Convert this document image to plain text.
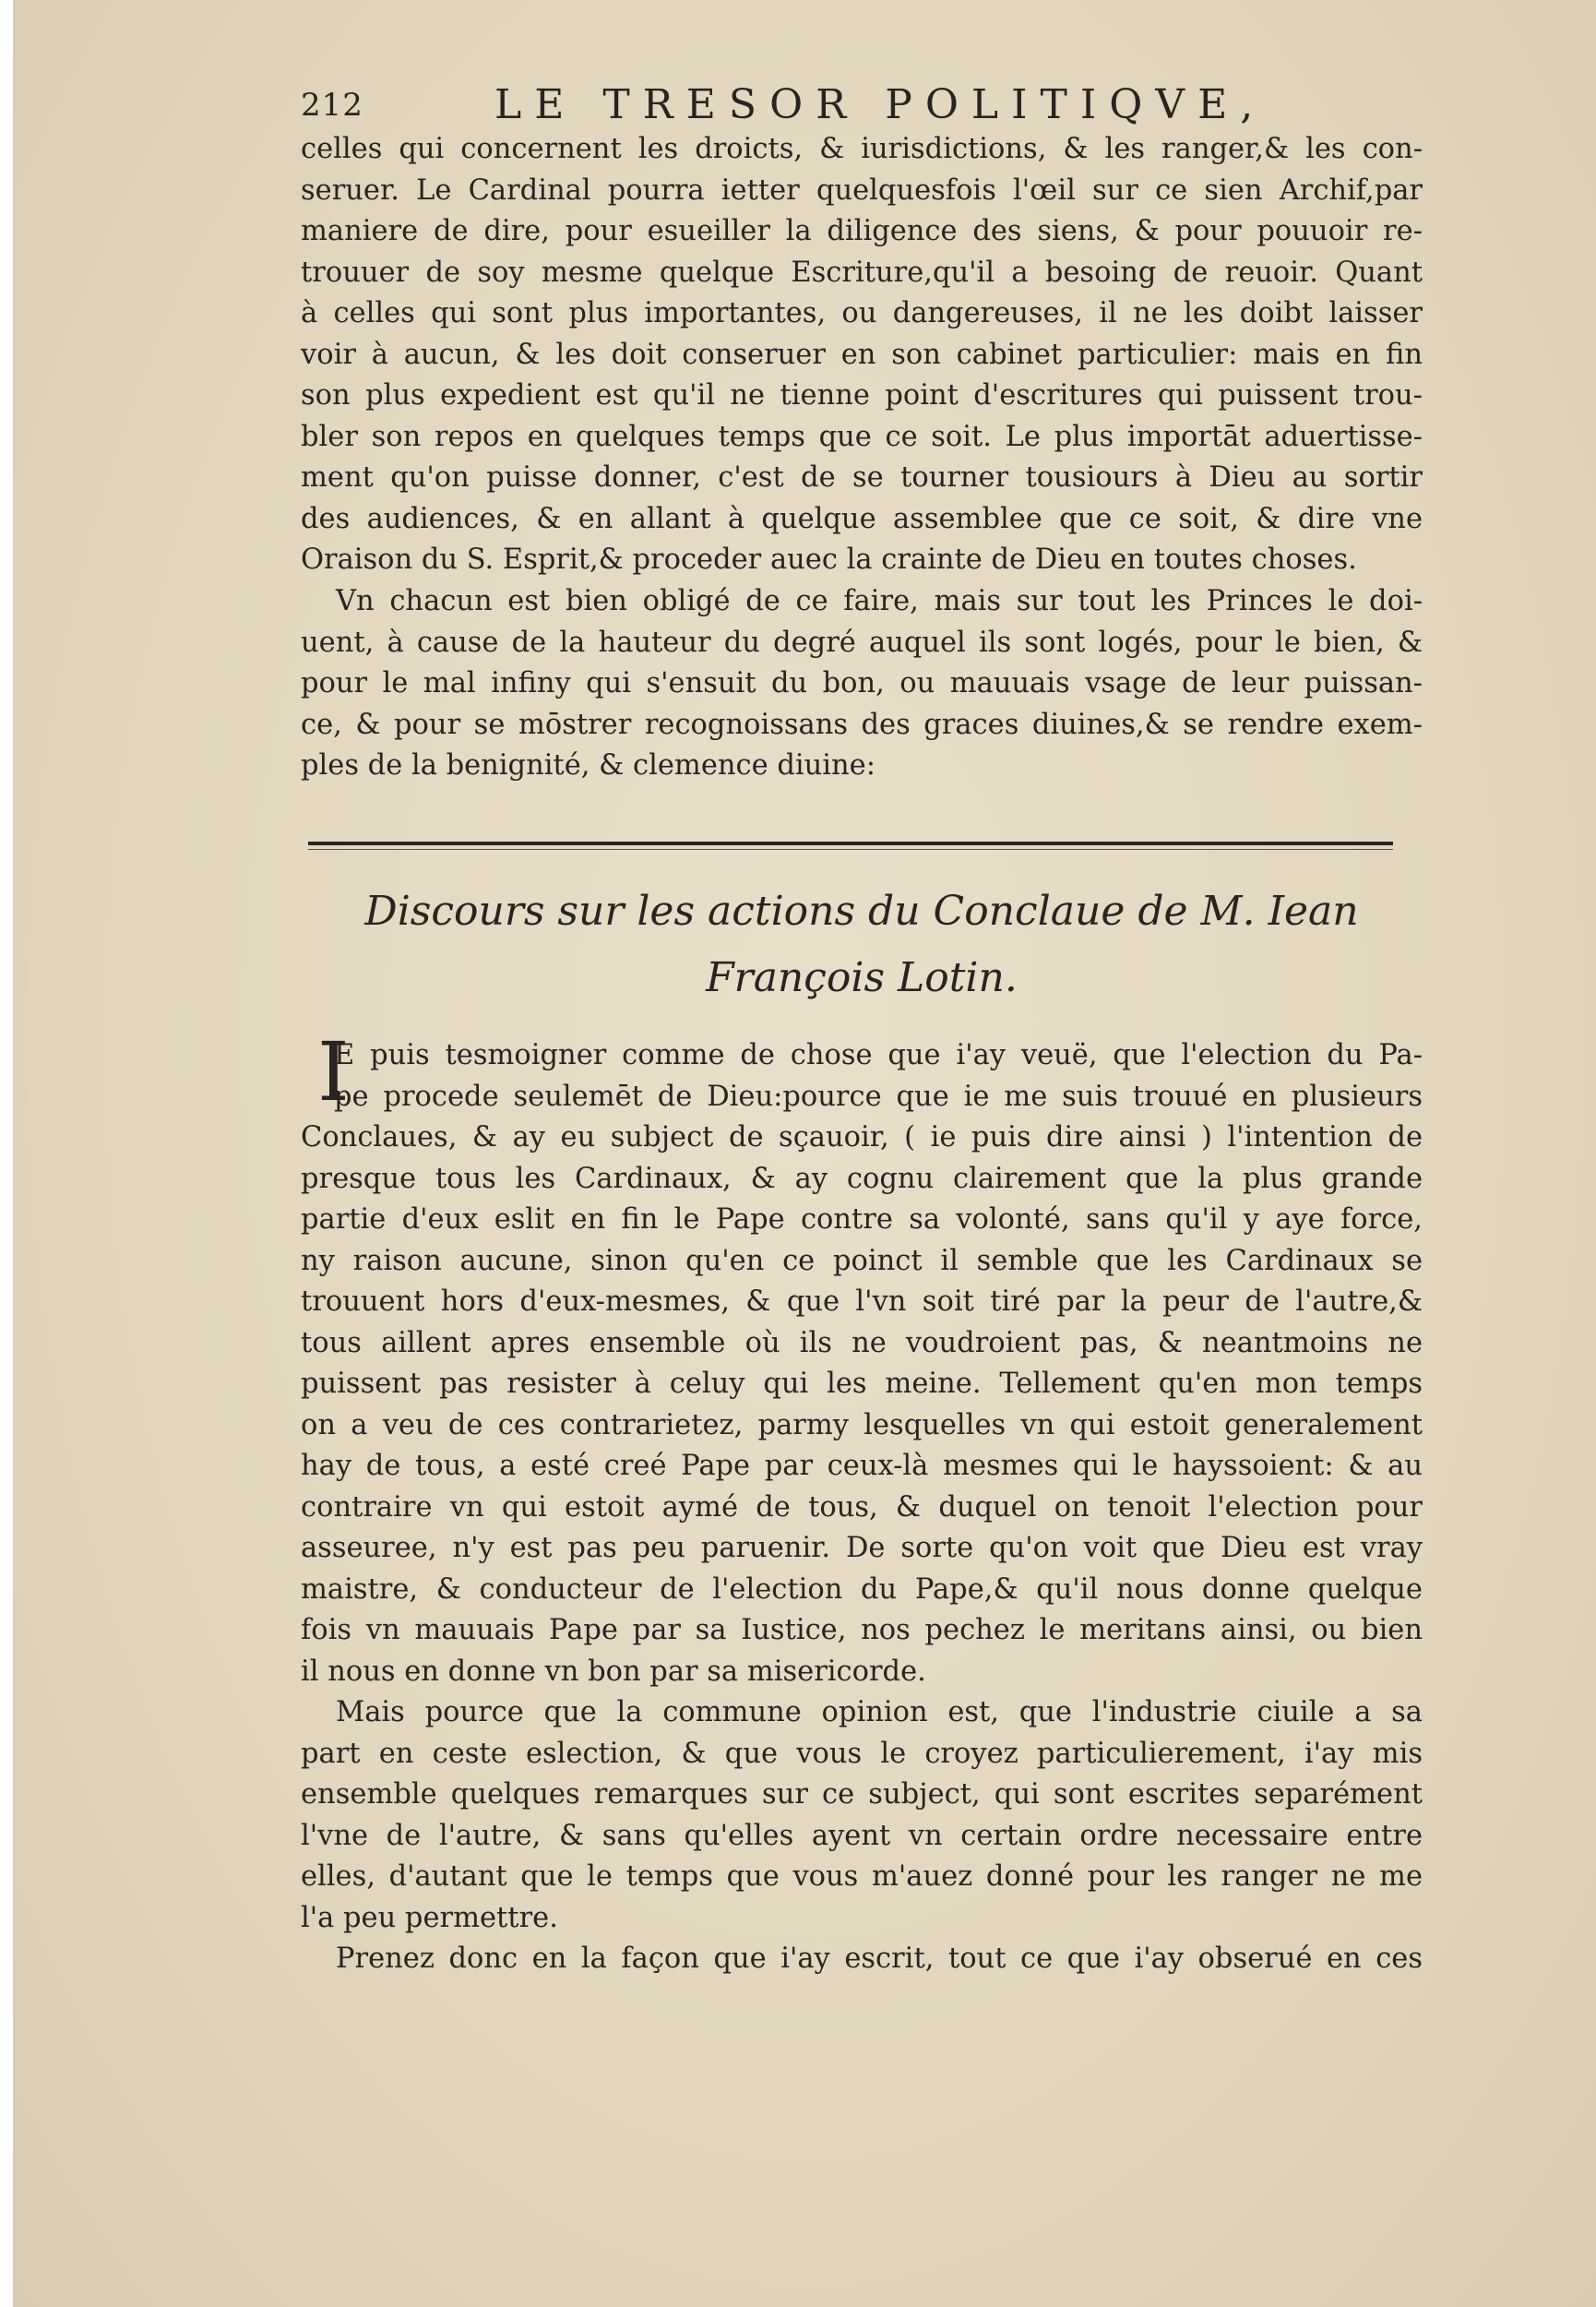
212	LE TRESOR POLITIQVE,
celles qui concernent les droicts, & iurisdictions, & les ranger,& les con-
seruer. Le Cardinal pourra ietter quelquesfois l'œil sur ce sien Archif,par
maniere de dire, pour esueiller la diligence des siens, & pour pouuoir re-
trouuer de soy mesme quelque Escriture,qu'il a besoing de reuoir. Quant
à celles qui sont plus importantes, ou dangereuses, il ne les doibt laisser
voir à aucun, & les doit conseruer en son cabinet particulier: mais en fin
son plus expedient est qu'il ne tienne point d'escritures qui puissent trou-
bler son repos en quelques temps que ce soit. Le plus importāt aduertisse-
ment qu'on puisse donner, c'est de se tourner tousiours à Dieu au sortir
des audiences, & en allant à quelque assemblee que ce soit, & dire vne
Oraison du S. Esprit,& proceder auec la crainte de Dieu en toutes choses.
Vn chacun est bien obligé de ce faire, mais sur tout les Princes le doi-
uent, à cause de la hauteur du degré auquel ils sont logés, pour le bien, &
pour le mal infiny qui s'ensuit du bon, ou mauuais vsage de leur puissan-
ce, & pour se mōstrer recognoissans des graces diuines,& se rendre exem-
ples de la benignité, & clemence diuine:
Discours sur les actions du Conclaue de M. Iean
François Lotin.
I
E puis tesmoigner comme de chose que i'ay veuë, que l'election du Pa-
pe procede seulemēt de Dieu:pource que ie me suis trouué en plusieurs
Conclaues, & ay eu subject de sçauoir, ( ie puis dire ainsi ) l'intention de
presque tous les Cardinaux, & ay cognu clairement que la plus grande
partie d'eux eslit en fin le Pape contre sa volonté, sans qu'il y aye force,
ny raison aucune, sinon qu'en ce poinct il semble que les Cardinaux se
trouuent hors d'eux-mesmes, & que l'vn soit tiré par la peur de l'autre,&
tous aillent apres ensemble où ils ne voudroient pas, & neantmoins ne
puissent pas resister à celuy qui les meine. Tellement qu'en mon temps
on a veu de ces contrarietez, parmy lesquelles vn qui estoit generalement
hay de tous, a esté creé Pape par ceux-là mesmes qui le hayssoient: & au
contraire vn qui estoit aymé de tous, & duquel on tenoit l'election pour
asseuree, n'y est pas peu paruenir. De sorte qu'on voit que Dieu est vray
maistre, & conducteur de l'election du Pape,& qu'il nous donne quelque
fois vn mauuais Pape par sa Iustice, nos pechez le meritans ainsi, ou bien
il nous en donne vn bon par sa misericorde.
Mais pource que la commune opinion est, que l'industrie ciuile a sa
part en ceste eslection, & que vous le croyez particulierement, i'ay mis
ensemble quelques remarques sur ce subject, qui sont escrites separément
l'vne de l'autre, & sans qu'elles ayent vn certain ordre necessaire entre
elles, d'autant que le temps que vous m'auez donné pour les ranger ne me
l'a peu permettre.
Prenez donc en la façon que i'ay escrit, tout ce que i'ay obserué en ces
